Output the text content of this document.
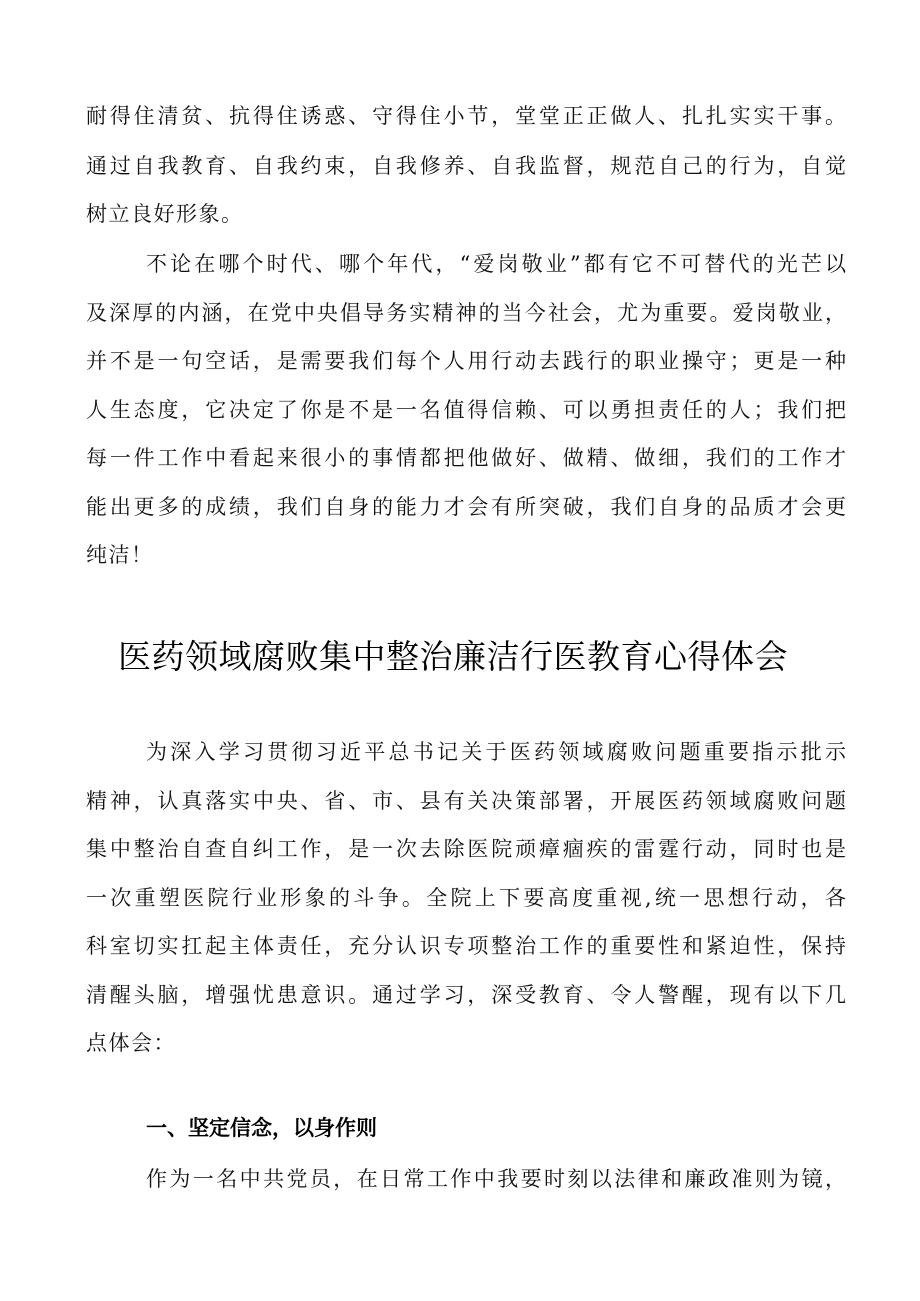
耐得住清贫、抗得住诱惑、守得住小节，堂堂正正做人、扎扎实实干事。
通过自我教育、自我约束，自我修养、自我监督，规范自己的行为，自觉
树立良好形象。
不论在哪个时代、哪个年代，“爱岗敬业”都有它不可替代的光芒以
及深厚的内涵，在党中央倡导务实精神的当今社会，尤为重要。爱岗敬业，
并不是一句空话，是需要我们每个人用行动去践行的职业操守；更是一种
人生态度，它决定了你是不是一名值得信赖、可以勇担责任的人；我们把
每一件工作中看起来很小的事情都把他做好、做精、做细，我们的工作才
能出更多的成绩，我们自身的能力才会有所突破，我们自身的品质才会更
纯洁！
医药领域腐败集中整治廉洁行医教育心得体会
为深入学习贯彻习近平总书记关于医药领域腐败问题重要指示批示
精神，认真落实中央、省、市、县有关决策部署，开展医药领域腐败问题
集中整治自查自纠工作，是一次去除医院顽瘴痼疾的雷霆行动，同时也是
一次重塑医院行业形象的斗争。全院上下要高度重视,统一思想行动，各
科室切实扛起主体责任，充分认识专项整治工作的重要性和紧迫性，保持
清醒头脑，增强忧患意识。通过学习，深受教育、令人警醒，现有以下几
点体会：
一、坚定信念，以身作则
作为一名中共党员，在日常工作中我要时刻以法律和廉政准则为镜，
